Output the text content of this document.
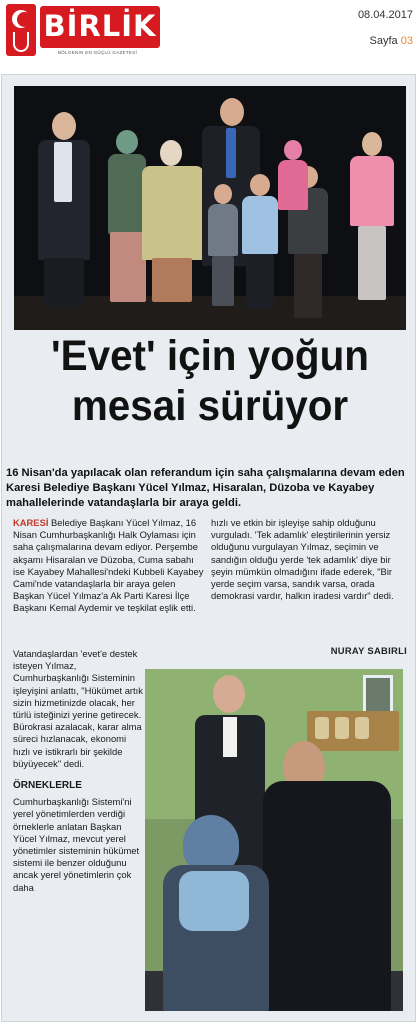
BİRLİK
BÖLGENİN EN GÜÇLÜ GAZETESİ
08.04.2017
Sayfa 03
'Evet' için yoğun
mesai sürüyor
16 Nisan'da yapılacak olan referandum için saha çalışmalarına devam eden Karesi Belediye Başkanı Yücel Yılmaz, Hisaralan, Düzoba ve Kayabey mahallelerinde vatandaşlarla bir araya geldi.

KARESİ Belediye Başkanı Yücel Yılmaz, 16 Nisan Cumhurbaşkanlığı Halk Oylaması için saha çalışmalarına devam ediyor. Perşembe akşamı Hisaralan ve Düzoba, Cuma sabahı ise Kayabey Mahallesi'ndeki Kubbeli Kayabey Cami'nde vatandaşlarla bir araya gelen Başkan Yücel Yılmaz'a Ak Parti Karesi İlçe Başkanı Kemal Aydemir ve teşkilat eşlik etti.

Vatandaşlardan 'evet'e destek isteyen Yılmaz, Cumhurbaşkanlığı Sisteminin işleyişini anlattı, "Hükümet artık sizin hizmetinizde olacak, her türlü isteğinizi yerine getirecek. Bürokrasi azalacak, karar alma süreci hızlanacak, ekonomi hızlı ve istikrarlı bir şekilde büyüyecek" dedi.

ÖRNEKLERLE

Cumhurbaşkanlığı Sistemi'ni yerel yönetimlerden verdiği örneklerle anlatan Başkan Yücel Yılmaz, mevcut yerel yönetimler sisteminin hükümet sistemi ile benzer olduğunu ancak yerel yönetimlerin çok daha

hızlı ve etkin bir işleyişe sahip olduğunu vurguladı. 'Tek adamlık' eleştirilerinin yersiz olduğunu vurgulayan Yılmaz, seçimin ve sandığın olduğu yerde 'tek adamlık' diye bir şeyin mümkün olmadığını ifade ederek, "Bir yerde seçim varsa, sandık varsa, orada demokrasi vardır, halkın iradesi vardır" dedi.

NURAY SABIRLI
